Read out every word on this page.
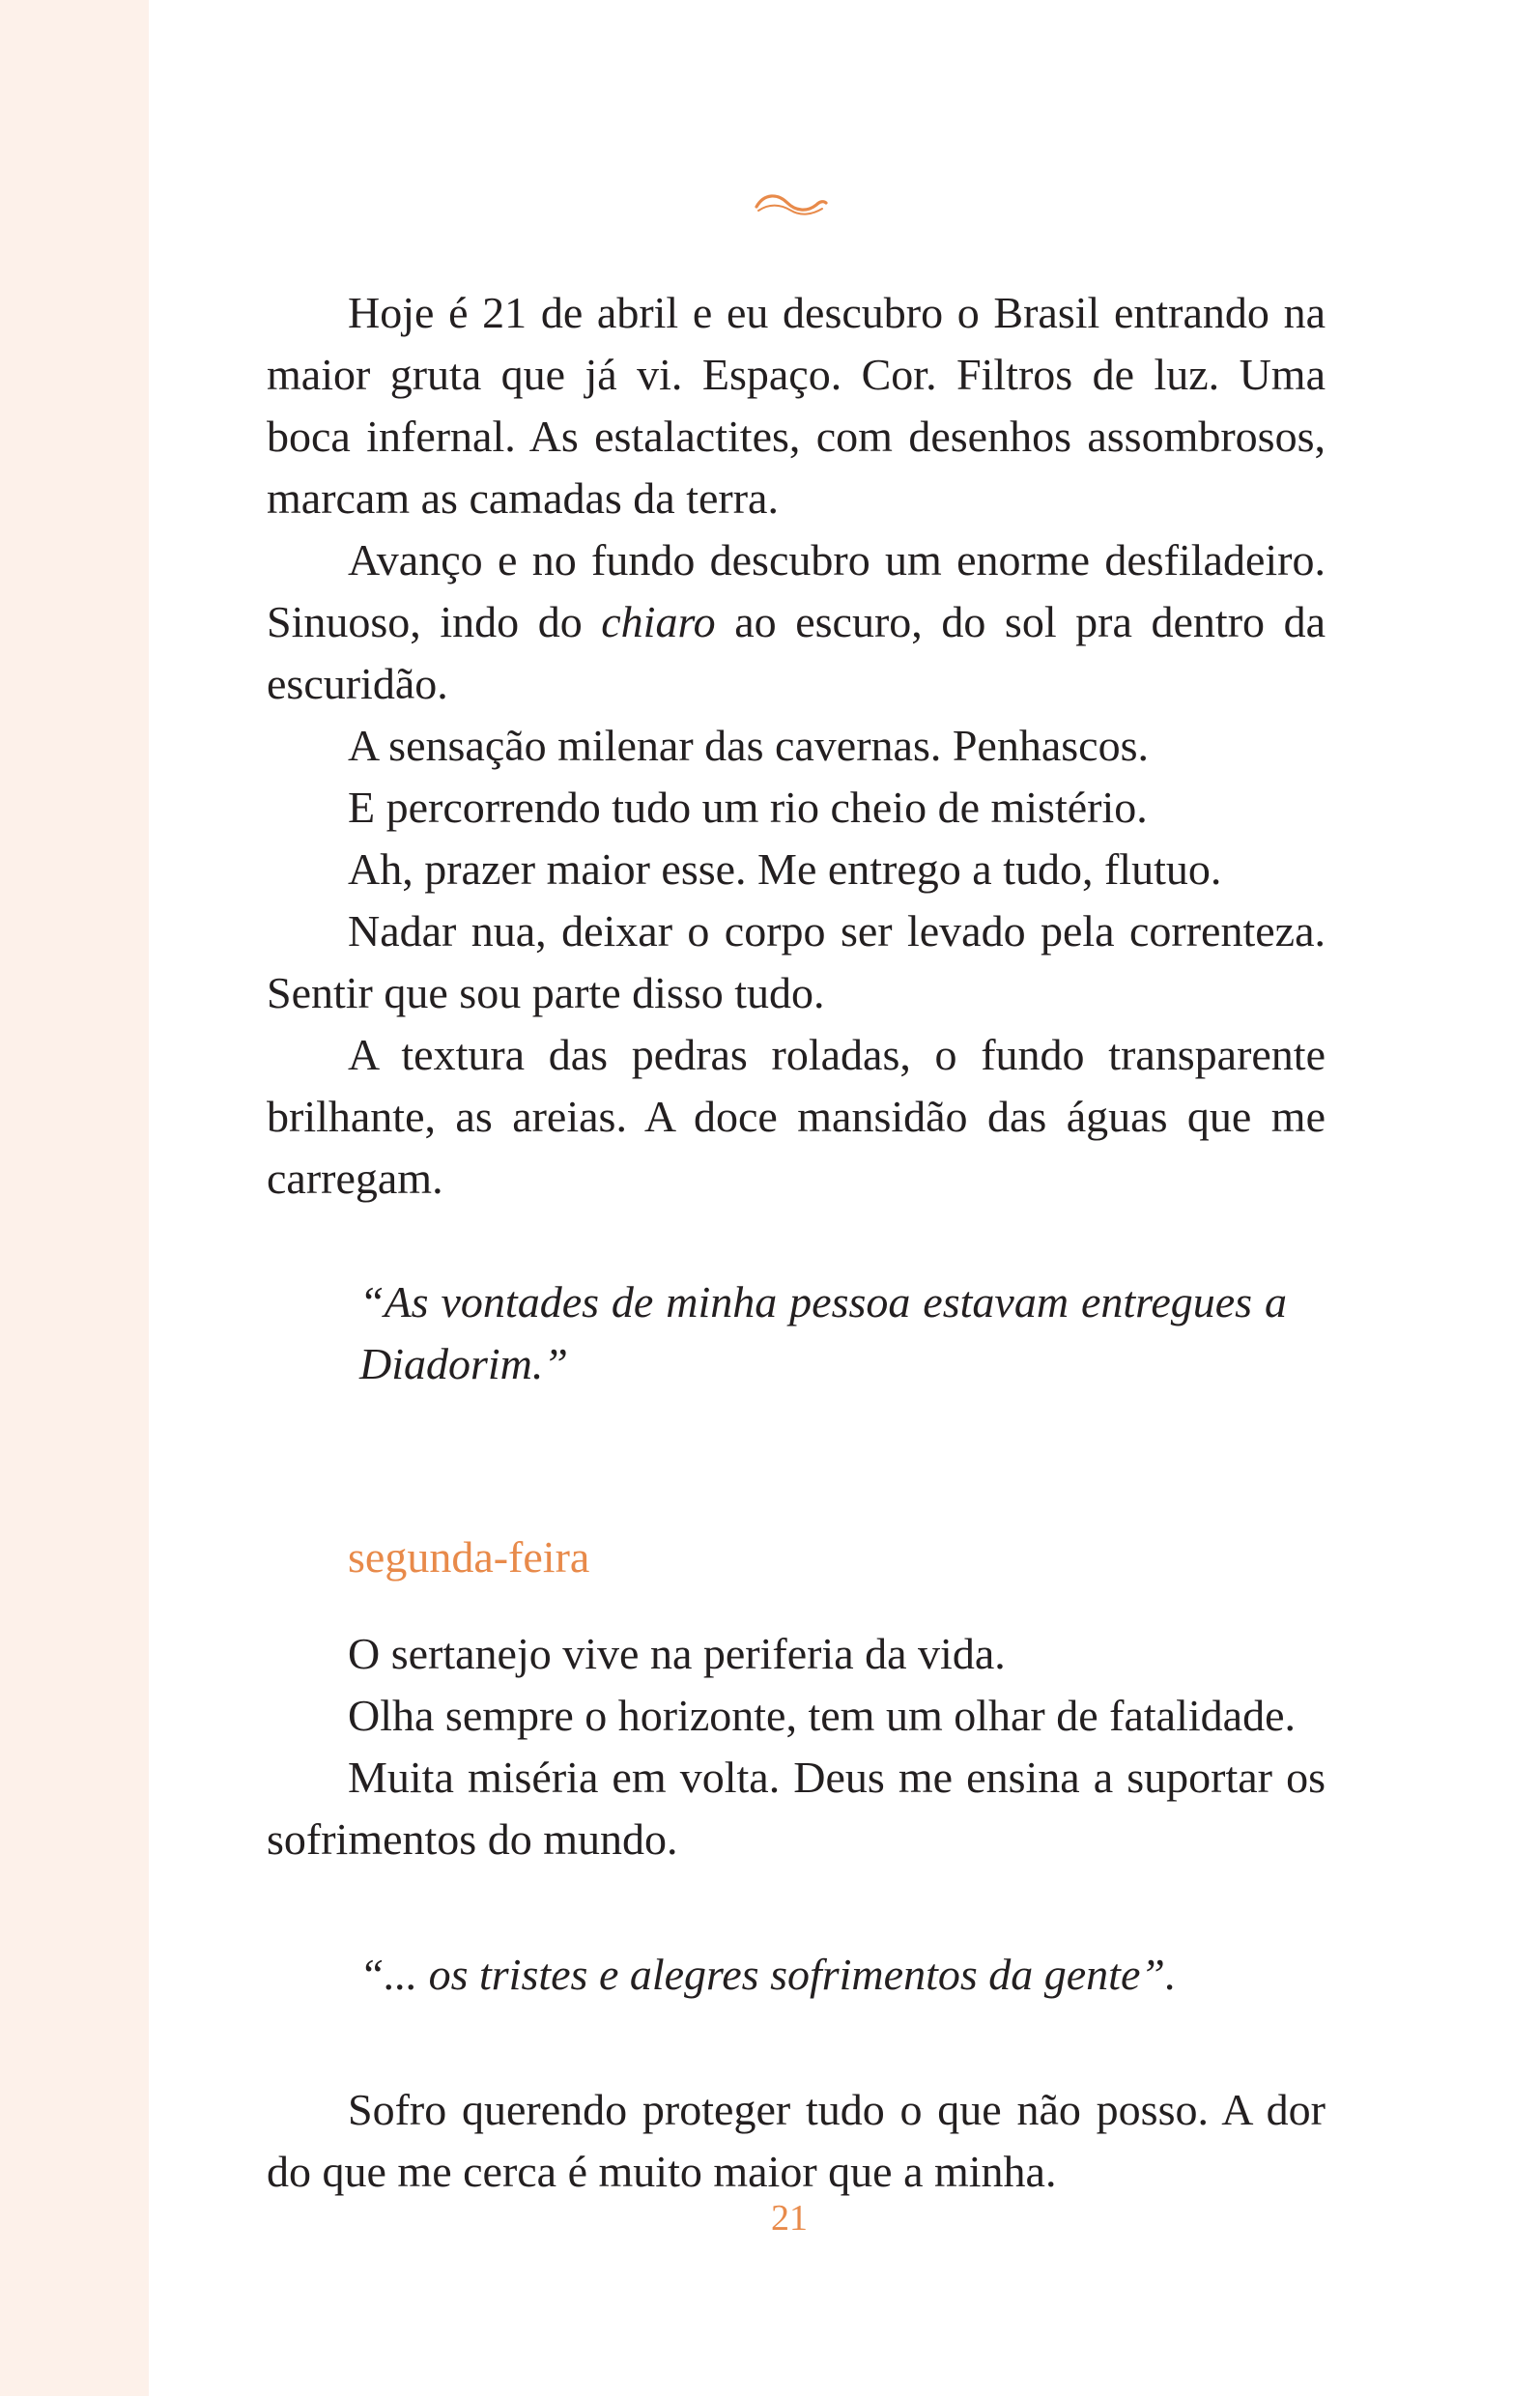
Hoje é 21 de abril e eu descubro o Brasil entrando na maior gruta que já vi. Espaço. Cor. Filtros de luz. Uma boca infernal. As estalactites, com desenhos assombrosos, marcam as camadas da terra.

Avanço e no fundo descubro um enorme desfiladeiro. Sinuoso, indo do chiaro ao escuro, do sol pra dentro da escuridão.

A sensação milenar das cavernas. Penhascos.

E percorrendo tudo um rio cheio de mistério.

Ah, prazer maior esse. Me entrego a tudo, flutuo.

Nadar nua, deixar o corpo ser levado pela correnteza. Sentir que sou parte disso tudo.

A textura das pedras roladas, o fundo transparente brilhante, as areias. A doce mansidão das águas que me carregam.

“As vontades de minha pessoa estavam entregues a Diadorim.”

segunda-feira

O sertanejo vive na periferia da vida.

Olha sempre o horizonte, tem um olhar de fatalidade.

Muita miséria em volta. Deus me ensina a suportar os sofrimentos do mundo.

“... os tristes e alegres sofrimentos da gente”.

Sofro querendo proteger tudo o que não posso. A dor do que me cerca é muito maior que a minha.

21
